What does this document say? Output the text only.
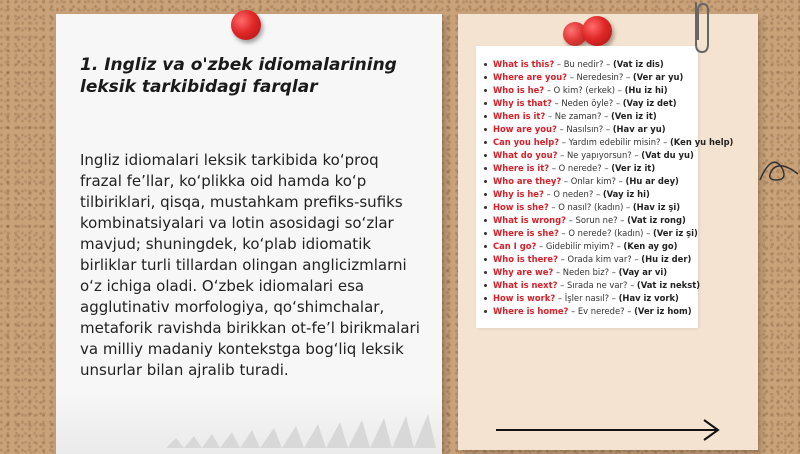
1. Ingliz va o'zbek idiomalarining leksik tarkibidagi farqlar

Ingliz idiomalari leksik tarkibida koʻproq frazal fe’llar, koʻplikka oid hamda koʻp tilbiriklari, qisqa, mustahkam prefiks-sufiks kombinatsiyalari va lotin asosidagi soʻzlar mavjud; shuningdek, koʻplab idiomatik birliklar turli tillardan olingan anglicizmlarni oʻz ichiga oladi. Oʻzbek idiomalari esa agglutinativ morfologiya, qoʻshimchalar, metaforik ravishda birikkan ot-fe’l birikmalari va milliy madaniy kontekstga bogʻliq leksik unsurlar bilan ajralib turadi.

What is this? – Bu nedir? – (Vat iz dis)
Where are you? – Neredesin? – (Ver ar yu)
Who is he? – O kim? (erkek) – (Hu iz hi)
Why is that? – Neden öyle? – (Vay iz det)
When is it? – Ne zaman? – (Ven iz it)
How are you? – Nasılsın? – (Hav ar yu)
Can you help? – Yardım edebilir misin? – (Ken yu help)
What do you? – Ne yapıyorsun? – (Vat du yu)
Where is it? – O nerede? – (Ver iz it)
Who are they? – Onlar kim? – (Hu ar dey)
Why is he? – O neden? – (Vay iz hi)
How is she? – O nasıl? (kadın) – (Hav iz şi)
What is wrong? – Sorun ne? – (Vat iz rong)
Where is she? – O nerede? (kadın) – (Ver iz şi)
Can I go? – Gidebilir miyim? – (Ken ay go)
Who is there? – Orada kim var? – (Hu iz der)
Why are we? – Neden biz? – (Vay ar vi)
What is next? – Sırada ne var? – (Vat iz nekst)
How is work? – İşler nasıl? – (Hav iz vork)
Where is home? – Ev nerede? – (Ver iz hom)
